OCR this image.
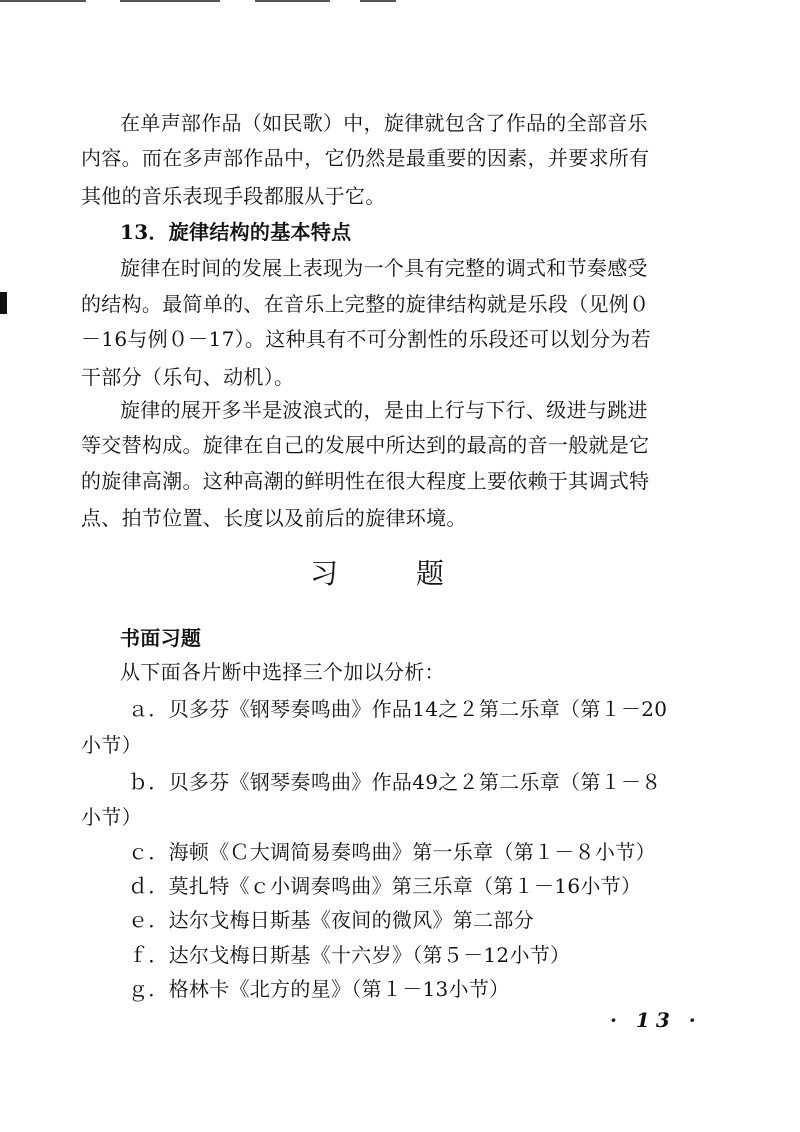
在单声部作品（如民歌）中，旋律就包含了作品的全部音乐
内容。而在多声部作品中，它仍然是最重要的因素，并要求所有
其他的音乐表现手段都服从于它。
13．旋律结构的基本特点
旋律在时间的发展上表现为一个具有完整的调式和节奏感受
的结构。最简单的、在音乐上完整的旋律结构就是乐段（见例０
－16与例０－17）。这种具有不可分割性的乐段还可以划分为若
干部分（乐句、动机）。
旋律的展开多半是波浪式的，是由上行与下行、级进与跳进
等交替构成。旋律在自己的发展中所达到的最高的音一般就是它
的旋律高潮。这种高潮的鲜明性在很大程度上要依赖于其调式特
点、拍节位置、长度以及前后的旋律环境。
习题
书面习题
从下面各片断中选择三个加以分析：
ａ．贝多芬《钢琴奏鸣曲》作品14之２第二乐章（第１－20
小节）
ｂ．贝多芬《钢琴奏鸣曲》作品49之２第二乐章（第１－８
小节）
ｃ．海顿《Ｃ大调简易奏鸣曲》第一乐章（第１－８小节）
ｄ．莫扎特《ｃ小调奏鸣曲》第三乐章（第１－16小节）
ｅ．达尔戈梅日斯基《夜间的微风》第二部分
ｆ．达尔戈梅日斯基《十六岁》（第５－12小节）
ｇ．格林卡《北方的星》（第１－13小节）
· 13 ·
